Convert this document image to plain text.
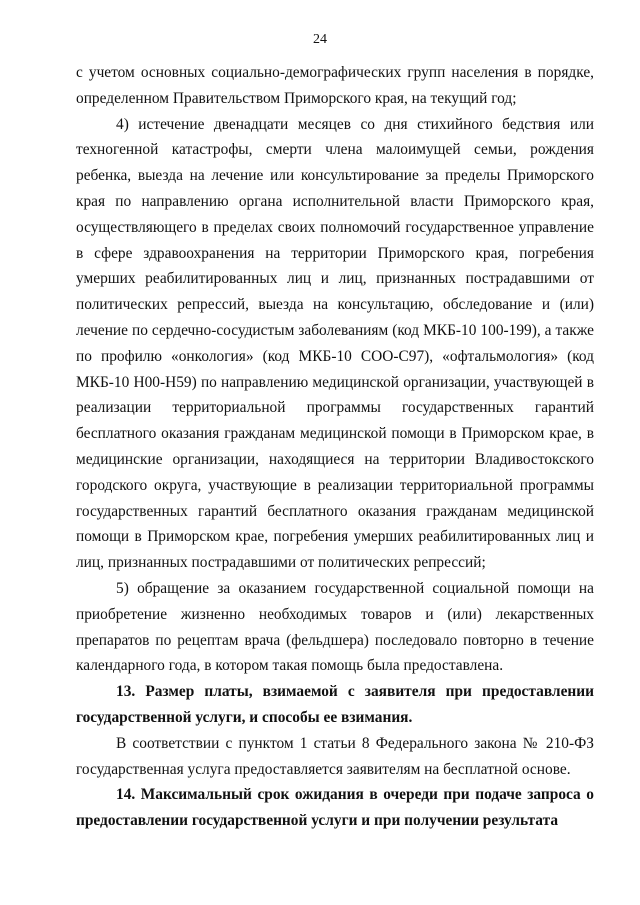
24

с учетом основных социально-демографических групп населения в порядке, определенном Правительством Приморского края, на текущий год;

4) истечение двенадцати месяцев со дня стихийного бедствия или техногенной катастрофы, смерти члена малоимущей семьи, рождения ребенка, выезда на лечение или консультирование за пределы Приморского края по направлению органа исполнительной власти Приморского края, осуществляющего в пределах своих полномочий государственное управление в сфере здравоохранения на территории Приморского края, погребения умерших реабилитированных лиц и лиц, признанных пострадавшими от политических репрессий, выезда на консультацию, обследование и (или) лечение по сердечно-сосудистым заболеваниям (код МКБ-10 100-199), а также по профилю «онкология» (код МКБ-10 СОО-С97), «офтальмология» (код МКБ-10 Н00-Н59) по направлению медицинской организации, участвующей в реализации территориальной программы государственных гарантий бесплатного оказания гражданам медицинской помощи в Приморском крае, в медицинские организации, находящиеся на территории Владивостокского городского округа, участвующие в реализации территориальной программы государственных гарантий бесплатного оказания гражданам медицинской помощи в Приморском крае, погребения умерших реабилитированных лиц и лиц, признанных пострадавшими от политических репрессий;

5) обращение за оказанием государственной социальной помощи на приобретение жизненно необходимых товаров и (или) лекарственных препаратов по рецептам врача (фельдшера) последовало повторно в течение календарного года, в котором такая помощь была предоставлена.

13. Размер платы, взимаемой с заявителя при предоставлении государственной услуги, и способы ее взимания.

В соответствии с пунктом 1 статьи 8 Федерального закона № 210-ФЗ государственная услуга предоставляется заявителям на бесплатной основе.

14. Максимальный срок ожидания в очереди при подаче запроса о предоставлении государственной услуги и при получении результата
